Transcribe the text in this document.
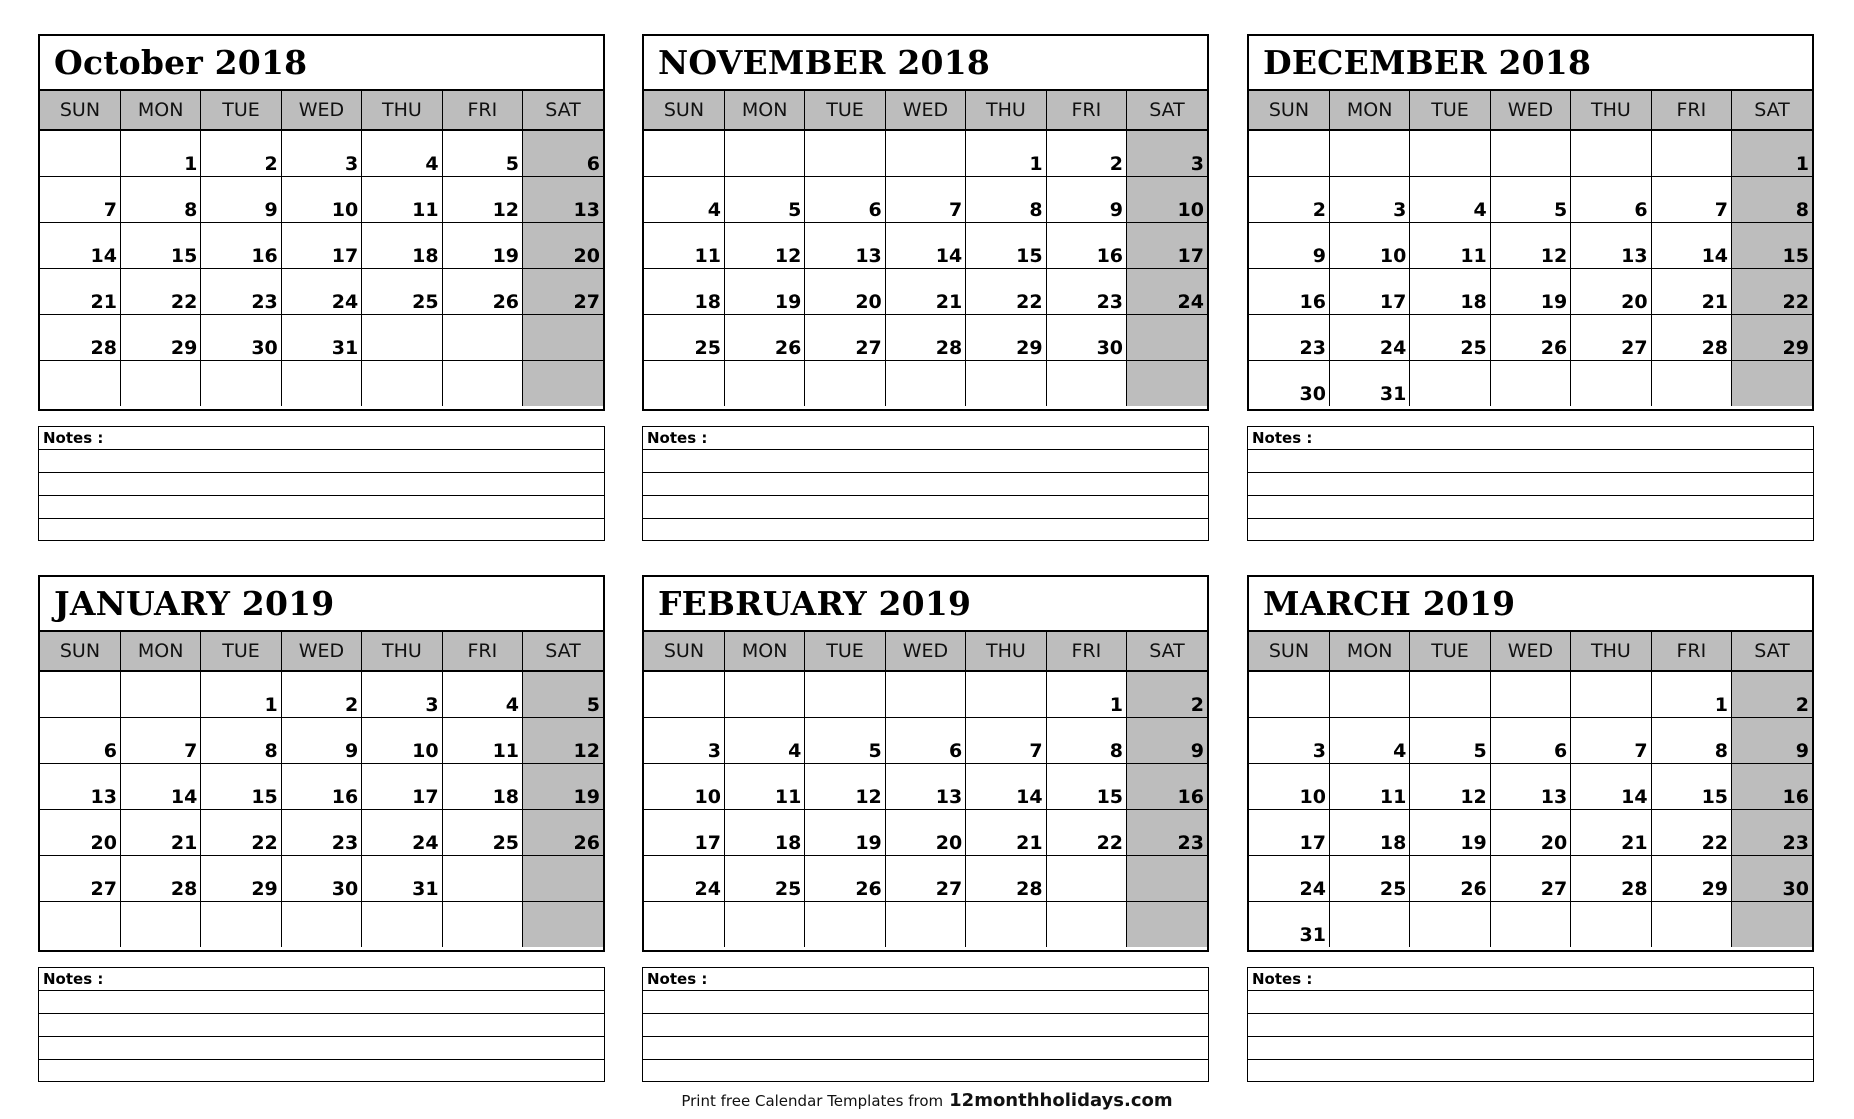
October 2018
SUN	MON	TUE	WED	THU	FRI	SAT
	1	2	3	4	5	6
7	8	9	10	11	12	13
14	15	16	17	18	19	20
21	22	23	24	25	26	27
28	29	30	31			

Notes :
NOVEMBER 2018
SUN	MON	TUE	WED	THU	FRI	SAT
				1	2	3
4	5	6	7	8	9	10
11	12	13	14	15	16	17
18	19	20	21	22	23	24
25	26	27	28	29	30	

Notes :
DECEMBER 2018
SUN	MON	TUE	WED	THU	FRI	SAT
						1
2	3	4	5	6	7	8
9	10	11	12	13	14	15
16	17	18	19	20	21	22
23	24	25	26	27	28	29
30	31					
Notes :
JANUARY 2019
SUN	MON	TUE	WED	THU	FRI	SAT
		1	2	3	4	5
6	7	8	9	10	11	12
13	14	15	16	17	18	19
20	21	22	23	24	25	26
27	28	29	30	31		

Notes :
FEBRUARY 2019
SUN	MON	TUE	WED	THU	FRI	SAT
					1	2
3	4	5	6	7	8	9
10	11	12	13	14	15	16
17	18	19	20	21	22	23
24	25	26	27	28		

Notes :
MARCH 2019
SUN	MON	TUE	WED	THU	FRI	SAT
					1	2
3	4	5	6	7	8	9
10	11	12	13	14	15	16
17	18	19	20	21	22	23
24	25	26	27	28	29	30
31						
Notes :
Print free Calendar Templates from 12monthholidays.com
